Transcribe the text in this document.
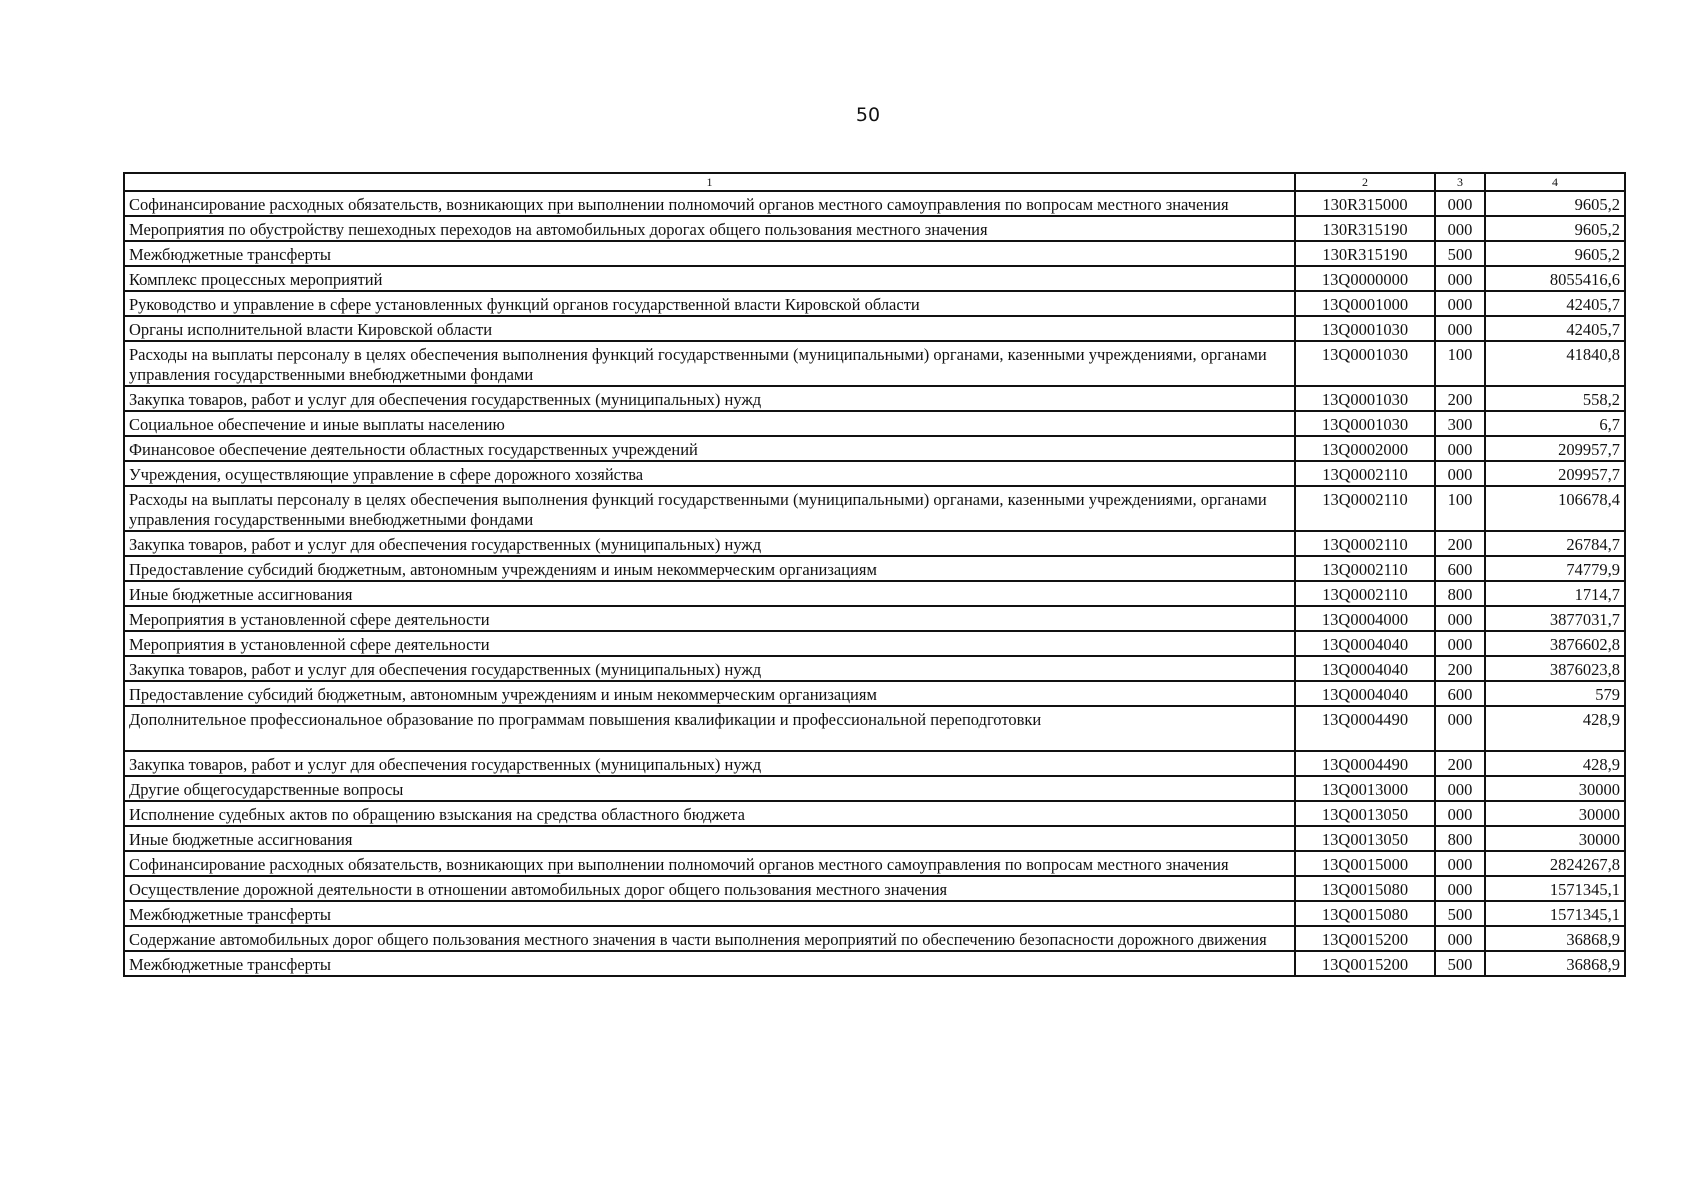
50
1	2	3	4
Софинансирование расходных обязательств, возникающих при выполнении полномочий органов местного самоуправления по вопросам местного значения	130R315000	000	9605,2
Мероприятия по обустройству пешеходных переходов на автомобильных дорогах общего пользования местного значения	130R315190	000	9605,2
Межбюджетные трансферты	130R315190	500	9605,2
Комплекс процессных мероприятий	13Q0000000	000	8055416,6
Руководство и управление в сфере установленных функций органов государственной власти Кировской области	13Q0001000	000	42405,7
Органы исполнительной власти Кировской области	13Q0001030	000	42405,7
Расходы на выплаты персоналу в целях обеспечения выполнения функций государственными (муниципальными) органами, казенными учреждениями, органами управления государственными внебюджетными фондами	13Q0001030	100	41840,8
Закупка товаров, работ и услуг для обеспечения государственных (муниципальных) нужд	13Q0001030	200	558,2
Социальное обеспечение и иные выплаты населению	13Q0001030	300	6,7
Финансовое обеспечение деятельности областных государственных учреждений	13Q0002000	000	209957,7
Учреждения, осуществляющие управление в сфере дорожного хозяйства	13Q0002110	000	209957,7
Расходы на выплаты персоналу в целях обеспечения выполнения функций государственными (муниципальными) органами, казенными учреждениями, органами управления государственными внебюджетными фондами	13Q0002110	100	106678,4
Закупка товаров, работ и услуг для обеспечения государственных (муниципальных) нужд	13Q0002110	200	26784,7
Предоставление субсидий бюджетным, автономным учреждениям и иным некоммерческим организациям	13Q0002110	600	74779,9
Иные бюджетные ассигнования	13Q0002110	800	1714,7
Мероприятия в установленной сфере деятельности	13Q0004000	000	3877031,7
Мероприятия в установленной сфере деятельности	13Q0004040	000	3876602,8
Закупка товаров, работ и услуг для обеспечения государственных (муниципальных) нужд	13Q0004040	200	3876023,8
Предоставление субсидий бюджетным, автономным учреждениям и иным некоммерческим организациям	13Q0004040	600	579
Дополнительное профессиональное образование по программам повышения квалификации и профессиональной переподготовки	13Q0004490	000	428,9
Закупка товаров, работ и услуг для обеспечения государственных (муниципальных) нужд	13Q0004490	200	428,9
Другие общегосударственные вопросы	13Q0013000	000	30000
Исполнение судебных актов по обращению взыскания на средства областного бюджета	13Q0013050	000	30000
Иные бюджетные ассигнования	13Q0013050	800	30000
Софинансирование расходных обязательств, возникающих при выполнении полномочий органов местного самоуправления по вопросам местного значения	13Q0015000	000	2824267,8
Осуществление дорожной деятельности в отношении автомобильных дорог общего пользования местного значения	13Q0015080	000	1571345,1
Межбюджетные трансферты	13Q0015080	500	1571345,1
Содержание автомобильных дорог общего пользования местного значения в части выполнения мероприятий по обеспечению безопасности дорожного движения	13Q0015200	000	36868,9
Межбюджетные трансферты	13Q0015200	500	36868,9
